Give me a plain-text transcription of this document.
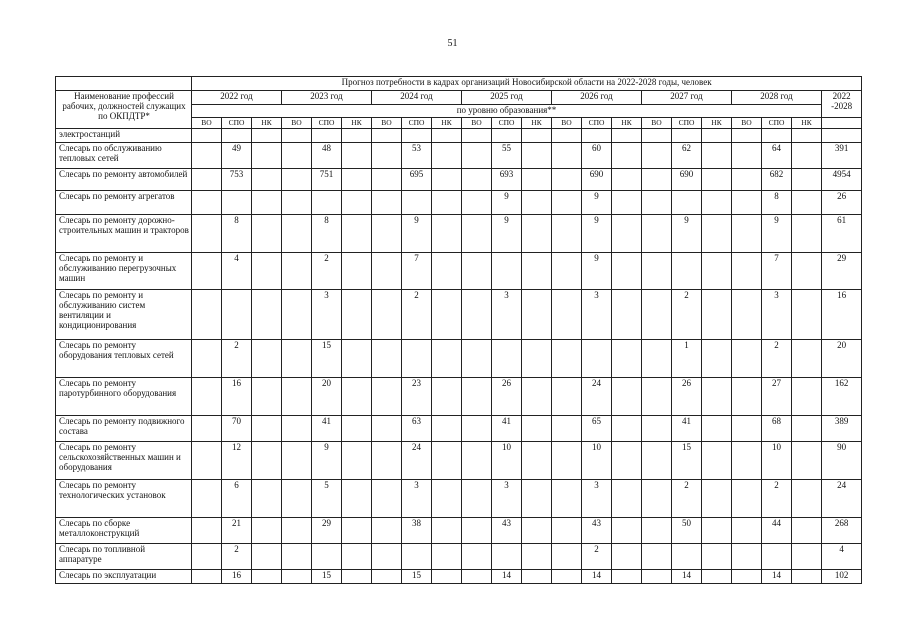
51
	Прогноз потребности в кадрах организаций Новосибирской области на 2022-2028 годы, человек																					
Наименование профессий рабочих, должностей служащих по ОКПДТР*	2022 год			2023 год			2024 год			2025 год			2026 год			2027 год			2028 год			2022 -2028
	по уровню образования**																					
	ВО	СПО	НК	ВО	СПО	НК	ВО	СПО	НК	ВО	СПО	НК	ВО	СПО	НК	ВО	СПО	НК	ВО	СПО	НК	
электростанций																						
Слесарь по обслуживанию тепловых сетей		49			48			53			55			60			62			64		391
Слесарь по ремонту автомобилей		753			751			695			693			690			690			682		4954
Слесарь по ремонту агрегатов											9			9						8		26
Слесарь по ремонту дорожно-строительных машин и тракторов		8			8			9			9			9			9			9		61
Слесарь по ремонту и обслуживанию перегрузочных машин		4			2			7						9						7		29
Слесарь по ремонту и обслуживанию систем вентиляции и кондиционирования					3			2			3			3			2			3		16
Слесарь по ремонту оборудования тепловых сетей		2			15												1			2		20
Слесарь по ремонту паротурбинного оборудования		16			20			23			26			24			26			27		162
Слесарь по ремонту подвижного состава		70			41			63			41			65			41			68		389
Слесарь по ремонту сельскохозяйственных машин и оборудования		12			9			24			10			10			15			10		90
Слесарь по ремонту технологических установок		6			5			3			3			3			2			2		24
Слесарь по сборке металлоконструкций		21			29			38			43			43			50			44		268
Слесарь по топливной аппаратуре		2												2								4
Слесарь по эксплуатации		16			15			15			14			14			14			14		102
